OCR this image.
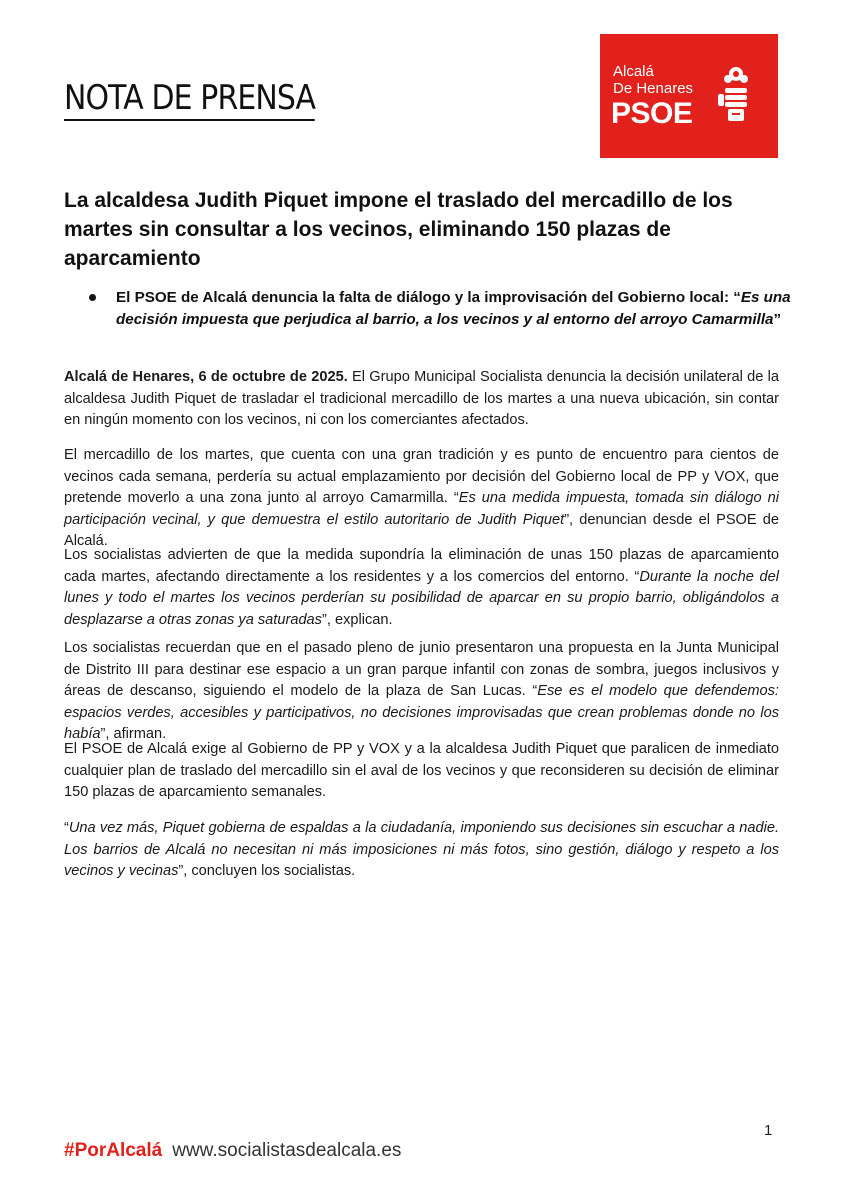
NOTA DE PRENSA
Alcalá
De Henares
PSOE
La alcaldesa Judith Piquet impone el traslado del mercadillo de los martes sin consultar a los vecinos, eliminando 150 plazas de aparcamiento
El PSOE de Alcalá denuncia la falta de diálogo y la improvisación del Gobierno local: “Es una decisión impuesta que perjudica al barrio, a los vecinos y al entorno del arroyo Camarmilla”
Alcalá de Henares, 6 de octubre de 2025. El Grupo Municipal Socialista denuncia la decisión unilateral de la alcaldesa Judith Piquet de trasladar el tradicional mercadillo de los martes a una nueva ubicación, sin contar en ningún momento con los vecinos, ni con los comerciantes afectados.
El mercadillo de los martes, que cuenta con una gran tradición y es punto de encuentro para cientos de vecinos cada semana, perdería su actual emplazamiento por decisión del Gobierno local de PP y VOX, que pretende moverlo a una zona junto al arroyo Camarmilla. “Es una medida impuesta, tomada sin diálogo ni participación vecinal, y que demuestra el estilo autoritario de Judith Piquet”, denuncian desde el PSOE de Alcalá.
Los socialistas advierten de que la medida supondría la eliminación de unas 150 plazas de aparcamiento cada martes, afectando directamente a los residentes y a los comercios del entorno. “Durante la noche del lunes y todo el martes los vecinos perderían su posibilidad de aparcar en su propio barrio, obligándolos a desplazarse a otras zonas ya saturadas”, explican.
Los socialistas recuerdan que en el pasado pleno de junio presentaron una propuesta en la Junta Municipal de Distrito III para destinar ese espacio a un gran parque infantil con zonas de sombra, juegos inclusivos y áreas de descanso, siguiendo el modelo de la plaza de San Lucas. “Ese es el modelo que defendemos: espacios verdes, accesibles y participativos, no decisiones improvisadas que crean problemas donde no los había”, afirman.
El PSOE de Alcalá exige al Gobierno de PP y VOX y a la alcaldesa Judith Piquet que paralicen de inmediato cualquier plan de traslado del mercadillo sin el aval de los vecinos y que reconsideren su decisión de eliminar 150 plazas de aparcamiento semanales.
“Una vez más, Piquet gobierna de espaldas a la ciudadanía, imponiendo sus decisiones sin escuchar a nadie. Los barrios de Alcalá no necesitan ni más imposiciones ni más fotos, sino gestión, diálogo y respeto a los vecinos y vecinas”, concluyen los socialistas.
1
#PorAlcalá www.socialistasdealcala.es
